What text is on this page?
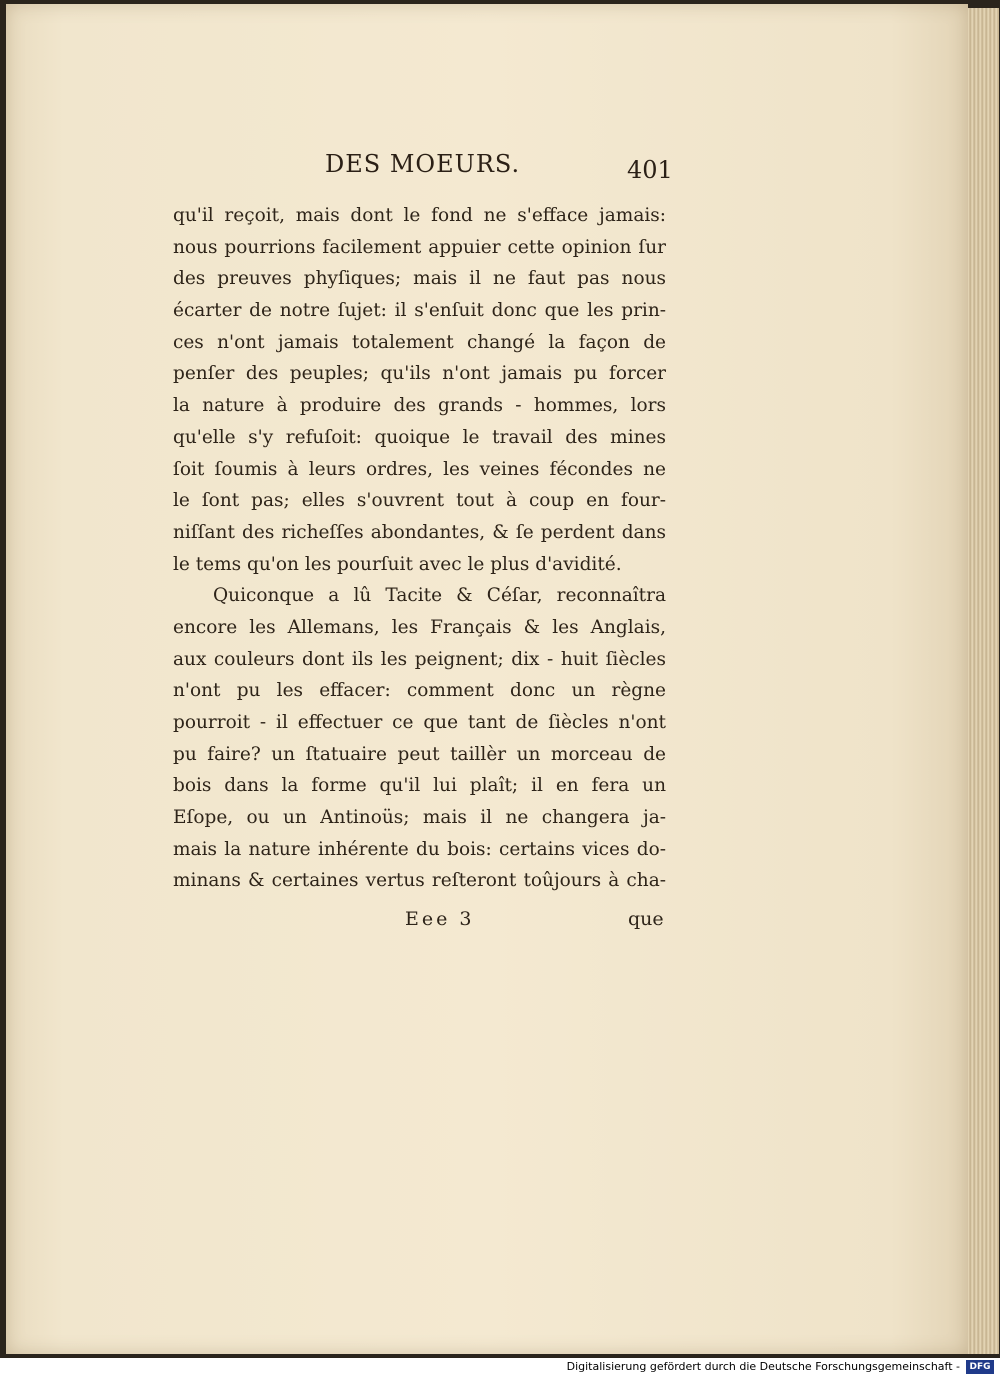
DES MOEURS.	401
qu'il reçoit, mais dont le fond ne s'efface jamais:
nous pourrions facilement appuier cette opinion ſur
des preuves phyſiques; mais il ne faut pas nous
écarter de notre ſujet: il s'enſuit donc que les prin-
ces n'ont jamais totalement changé la façon de
penſer des peuples; qu'ils n'ont jamais pu forcer
la nature à produire des grands - hommes, lors
qu'elle s'y refuſoit: quoique le travail des mines
ſoit ſoumis à leurs ordres, les veines fécondes ne
le ſont pas; elles s'ouvrent tout à coup en four-
niſſant des richeſſes abondantes, & ſe perdent dans
le tems qu'on les pourſuit avec le plus d'avidité.
Quiconque a lû Tacite & Céſar, reconnaîtra
encore les Allemans, les Français & les Anglais,
aux couleurs dont ils les peignent; dix - huit ſiècles
n'ont pu les effacer: comment donc un règne
pourroit - il effectuer ce que tant de ſiècles n'ont
pu faire? un ſtatuaire peut taillèr un morceau de
bois dans la forme qu'il lui plaît; il en fera un
Eſope, ou un Antinoüs; mais il ne changera ja-
mais la nature inhérente du bois: certains vices do-
minans & certaines vertus reſteront toûjours à cha-
Eee 3	que
Digitalisierung gefördert durch die Deutsche Forschungsgemeinschaft -	DFG
